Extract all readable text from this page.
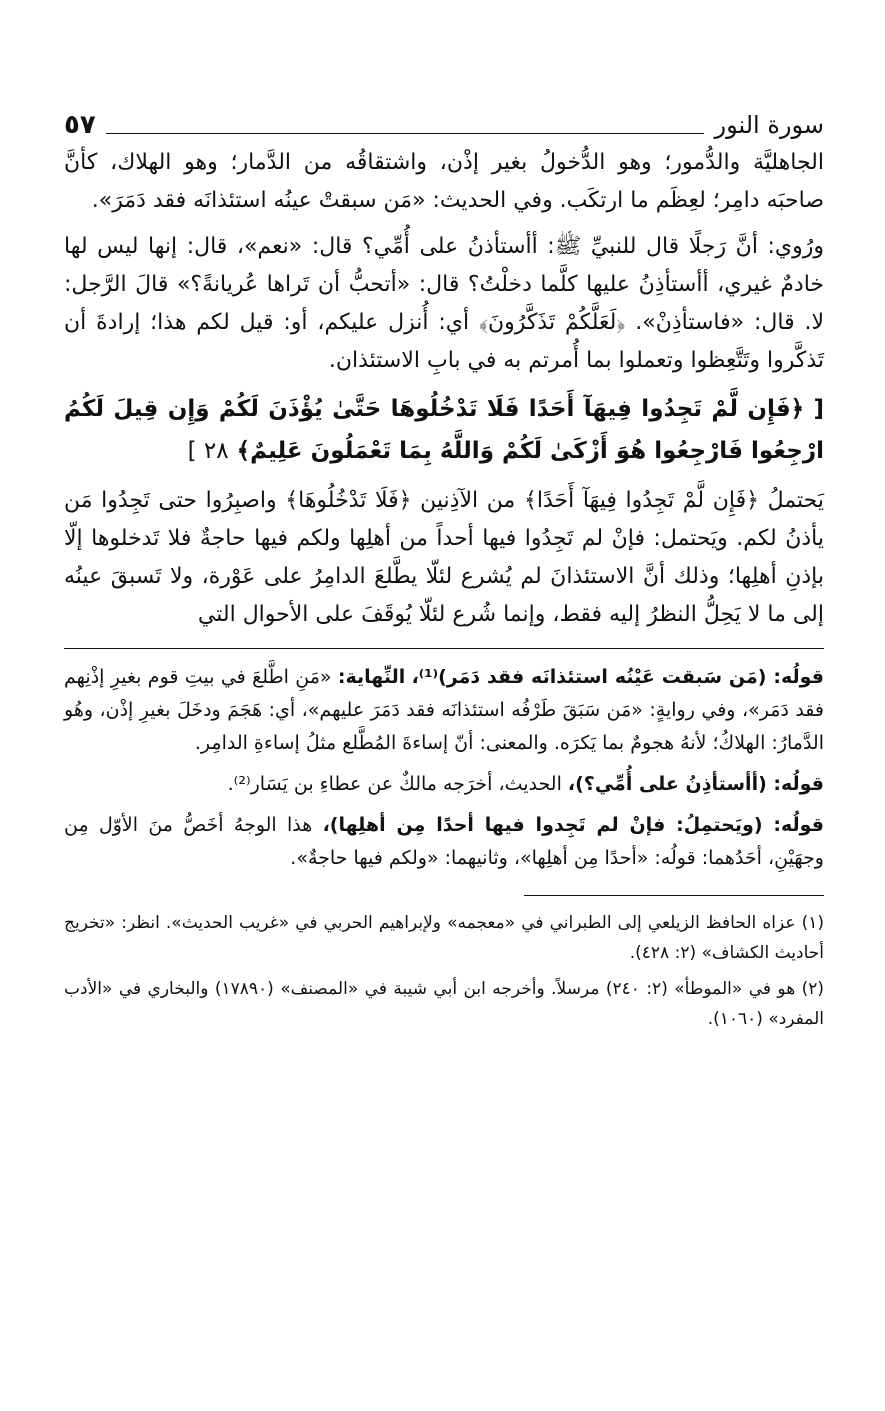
سورة النور
٥٧

الجاهليَّة والدُّمور؛ وهو الدُّخولُ بغير إذْن، واشتقاقُه من الدَّمار؛ وهو الهلاك، كأنَّ صاحبَه دامِر؛ لعِظَم ما ارتكَب. وفي الحديث: «مَن سبقتْ عينُه استئذانَه فقد دَمَرَ».

ورُوي: أنَّ رَجلًا قال للنبيِّ ﷺ: أأستأذنُ على أُمِّي؟ قال: «نعم»، قال: إنها ليس لها خادمٌ غيري، أأستأذِنُ عليها كلَّما دخلْتُ؟ قال: «أتحبُّ أن تَراها عُريانةً؟» قالَ الرَّجل: لا. قال: «فاستأذِنْ». ﴿لَعَلَّكُمْ تَذَكَّرُونَ﴾ أي: أُنزل عليكم، أو: قيل لكم هذا؛ إرادةَ أن تَذكَّروا وتَتَّعِظوا وتعملوا بما أُمرتم به في بابِ الاستئذان.

[ ﴿فَإِن لَّمْ تَجِدُوا فِيهَآ أَحَدًا فَلَا تَدْخُلُوهَا حَتَّىٰ يُؤْذَنَ لَكُمْ وَإِن قِيلَ لَكُمُ ارْجِعُوا فَارْجِعُوا هُوَ أَزْكَىٰ لَكُمْ وَاللَّهُ بِمَا تَعْمَلُونَ عَلِيمٌ﴾ ٢٨ ]

يَحتملُ ﴿فَإِن لَّمْ تَجِدُوا فِيهَآ أَحَدًا﴾ من الآذِنين ﴿فَلَا تَدْخُلُوهَا﴾ واصبِرُوا حتى تَجِدُوا مَن يأذنُ لكم. ويَحتمل: فإنْ لم تَجِدُوا فيها أحداً من أهلِها ولكم فيها حاجةٌ فلا تَدخلوها إلّا بإذنِ أهلِها؛ وذلك أنَّ الاستئذانَ لم يُشرع لئلّا يطَّلعَ الدامِرُ على عَوْرة، ولا تَسبقَ عينُه إلى ما لا يَحِلُّ النظرُ إليه فقط، وإنما شُرع لئلّا يُوقَفَ على الأحوال التي

قولُه: (مَن سَبقت عَيْنُه استئذانَه فقد دَمَر)⁽¹⁾، النِّهاية: «مَنِ اطَّلعَ في بيتِ قوم بغيرِ إذْنِهم فقد دَمَر»، وفي روايةٍ: «مَن سَبَقَ طَرْفُه استئذانَه فقد دَمَرَ عليهم»، أي: هَجَمَ ودخَلَ بغيرِ إذْن، وهُو الدَّمارُ: الهلاكُ؛ لأنهُ هجومٌ بما يَكرَه. والمعنى: أنّ إساءةَ المُطَّلع مثلُ إساءةِ الدامِر.

قولُه: (أأستأذِنُ على أُمِّي؟)، الحديث، أخرَجه مالكٌ عن عطاءِ بن يَسَار⁽²⁾.

قولُه: (ويَحتمِلُ: فإنْ لم تَجِدوا فيها أحدًا مِن أهلِها)، هذا الوجهُ أخَصُّ منَ الأوّل مِن وجهَيْنِ، أحَدُهما: قولُه: «أحدًا مِن أهلِها»، وثانيهما: «ولكم فيها حاجةٌ».

(١) عزاه الحافظ الزيلعي إلى الطبراني في «معجمه» ولإبراهيم الحربي في «غريب الحديث». انظر: «تخريج أحاديث الكشاف» (٢: ٤٢٨).

(٢) هو في «الموطأ» (٢: ٢٤٠) مرسلاً. وأخرجه ابن أبي شيبة في «المصنف» (١٧٨٩٠) والبخاري في «الأدب المفرد» (١٠٦٠).
